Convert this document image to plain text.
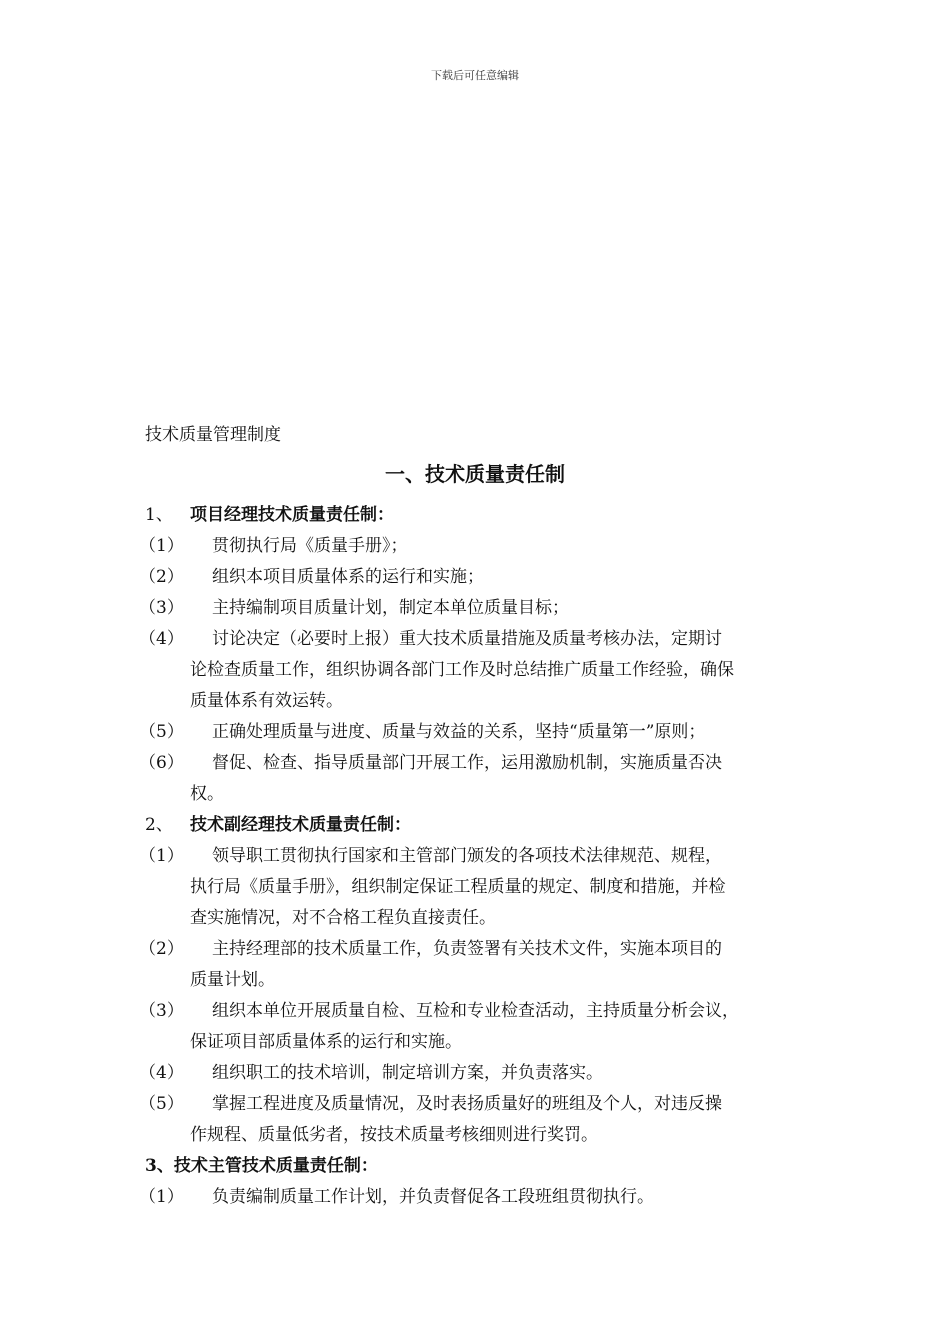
下载后可任意编辑
技术质量管理制度
一、技术质量责任制
1、 项目经理技术质量责任制：
（1）	贯彻执行局《质量手册》；
（2）	组织本项目质量体系的运行和实施；
（3）	主持编制项目质量计划，制定本单位质量目标；
（4）	讨论决定（必要时上报）重大技术质量措施及质量考核办法，定期讨
论检查质量工作，组织协调各部门工作及时总结推广质量工作经验，确保
质量体系有效运转。
（5）	正确处理质量与进度、质量与效益的关系，坚持“质量第一”原则；
（6）	督促、检查、指导质量部门开展工作，运用激励机制，实施质量否决
权。
2、 技术副经理技术质量责任制：
（1）	领导职工贯彻执行国家和主管部门颁发的各项技术法律规范、规程，
执行局《质量手册》，组织制定保证工程质量的规定、制度和措施，并检
查实施情况，对不合格工程负直接责任。
（2）	主持经理部的技术质量工作，负责签署有关技术文件，实施本项目的
质量计划。
（3）	组织本单位开展质量自检、互检和专业检查活动，主持质量分析会议，
保证项目部质量体系的运行和实施。
（4）	组织职工的技术培训，制定培训方案，并负责落实。
（5）	掌握工程进度及质量情况，及时表扬质量好的班组及个人，对违反操
作规程、质量低劣者，按技术质量考核细则进行奖罚。
3、技术主管技术质量责任制：
（1）	负责编制质量工作计划，并负责督促各工段班组贯彻执行。
